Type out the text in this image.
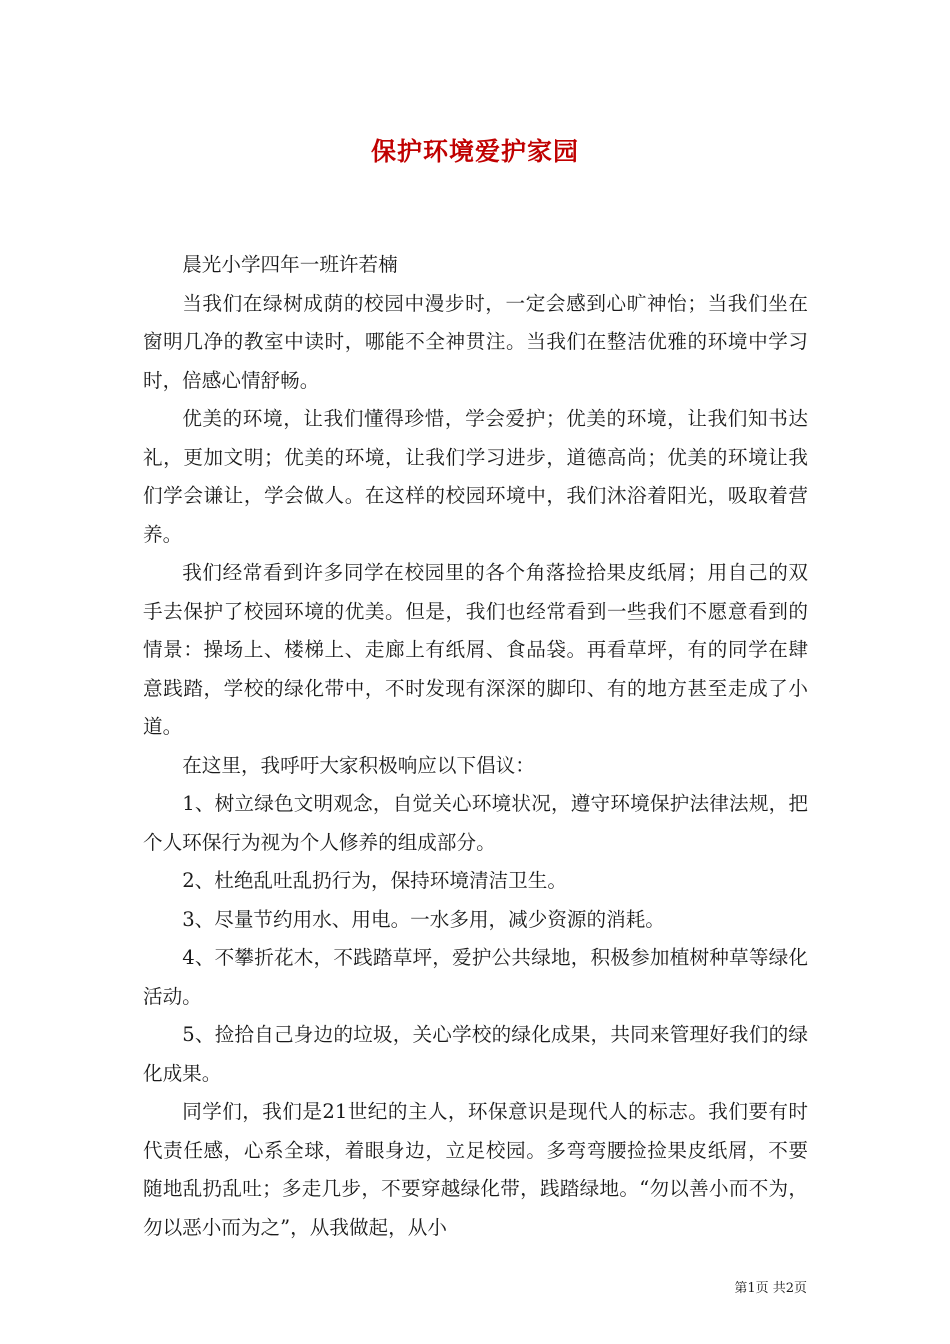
保护环境爱护家园

晨光小学四年一班许若楠

当我们在绿树成荫的校园中漫步时，一定会感到心旷神怡；当我们坐在窗明几净的教室中读时，哪能不全神贯注。当我们在整洁优雅的环境中学习时，倍感心情舒畅。

优美的环境，让我们懂得珍惜，学会爱护；优美的环境，让我们知书达礼，更加文明；优美的环境，让我们学习进步，道德高尚；优美的环境让我们学会谦让，学会做人。在这样的校园环境中，我们沐浴着阳光，吸取着营养。

我们经常看到许多同学在校园里的各个角落捡拾果皮纸屑；用自己的双手去保护了校园环境的优美。但是，我们也经常看到一些我们不愿意看到的情景：操场上、楼梯上、走廊上有纸屑、食品袋。再看草坪，有的同学在肆意践踏，学校的绿化带中，不时发现有深深的脚印、有的地方甚至走成了小道。

在这里，我呼吁大家积极响应以下倡议：

1、树立绿色文明观念，自觉关心环境状况，遵守环境保护法律法规，把个人环保行为视为个人修养的组成部分。

2、杜绝乱吐乱扔行为，保持环境清洁卫生。

3、尽量节约用水、用电。一水多用，减少资源的消耗。

4、不攀折花木，不践踏草坪，爱护公共绿地，积极参加植树种草等绿化活动。

5、捡拾自己身边的垃圾，关心学校的绿化成果，共同来管理好我们的绿化成果。

同学们，我们是21世纪的主人，环保意识是现代人的标志。我们要有时代责任感，心系全球，着眼身边，立足校园。多弯弯腰捡捡果皮纸屑，不要随地乱扔乱吐；多走几步，不要穿越绿化带，践踏绿地。“勿以善小而不为，勿以恶小而为之”，从我做起，从小

第1页 共2页
